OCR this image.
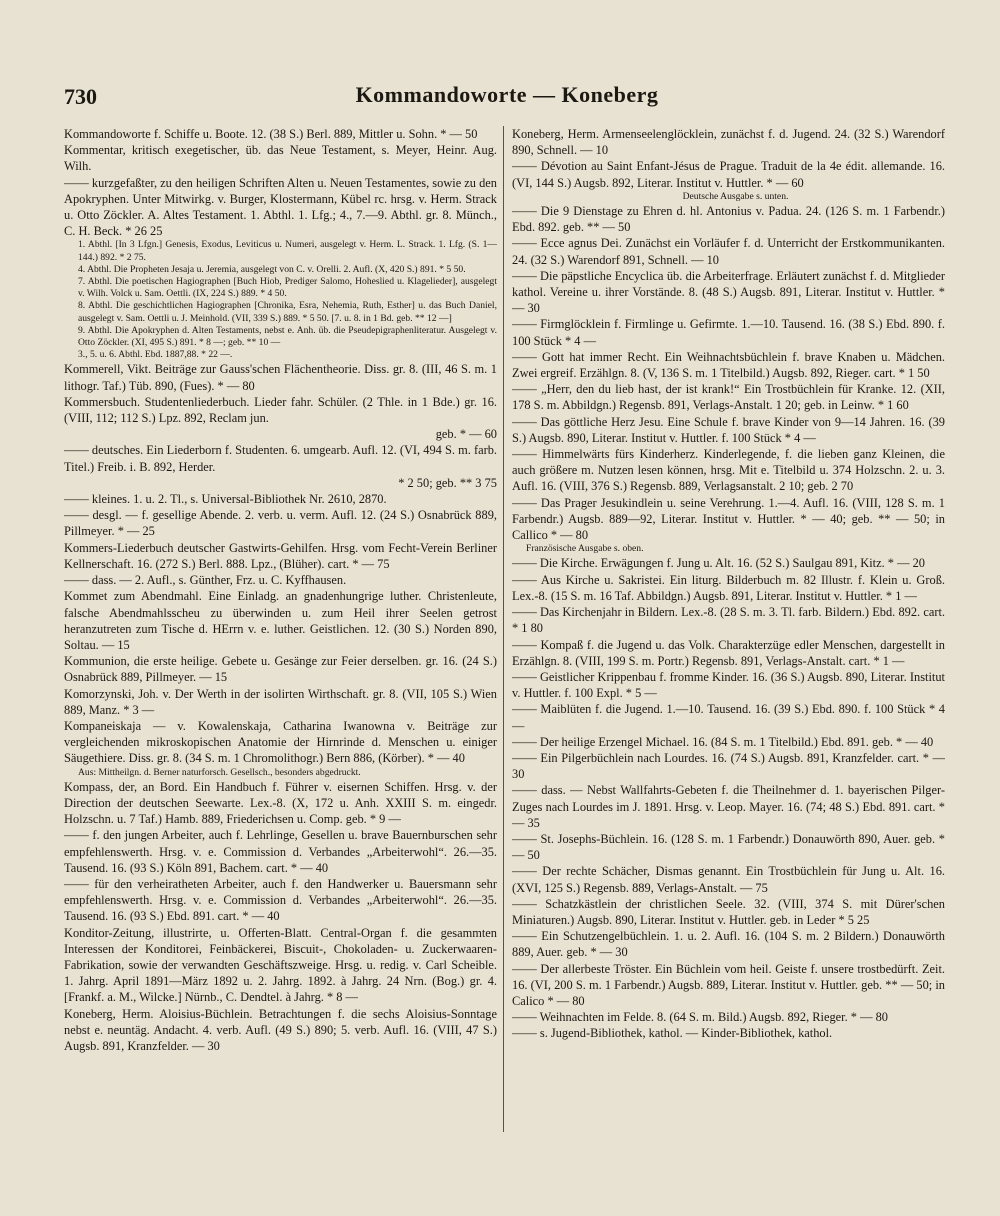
730	Kommandoworte — Koneberg

Kommandoworte f. Schiffe u. Boote. 12. (38 S.) Berl. 889, Mittler u. Sohn. * — 50

Kommentar, kritisch exegetischer, üb. das Neue Testament, s. Meyer, Heinr. Aug. Wilh.

—— kurzgefaßter, zu den heiligen Schriften Alten u. Neuen Testamentes, sowie zu den Apokryphen. Unter Mitwirkg. v. Burger, Klostermann, Kübel rc. hrsg. v. Herm. Strack u. Otto Zöckler. A. Altes Testament. 1. Abthl. 1. Lfg.; 4., 7.—9. Abthl. gr. 8. Münch., C. H. Beck. * 26 25

1. Abthl. [In 3 Lfgn.] Genesis, Exodus, Leviticus u. Numeri, ausgelegt v. Herm. L. Strack. 1. Lfg. (S. 1—144.) 892. * 2 75.

4. Abthl. Die Propheten Jesaja u. Jeremia, ausgelegt von C. v. Orelli. 2. Aufl. (X, 420 S.) 891. * 5 50.

7. Abthl. Die poetischen Hagiographen [Buch Hiob, Prediger Salomo, Hoheslied u. Klagelieder], ausgelegt v. Wilh. Volck u. Sam. Oettli. (IX, 224 S.) 889. * 4 50.

8. Abthl. Die geschichtlichen Hagiographen [Chronika, Esra, Nehemia, Ruth, Esther] u. das Buch Daniel, ausgelegt v. Sam. Oettli u. J. Meinhold. (VII, 339 S.) 889. * 5 50. [7. u. 8. in 1 Bd. geb. ** 12 —]

9. Abthl. Die Apokryphen d. Alten Testaments, nebst e. Anh. üb. die Pseudepigraphenliteratur. Ausgelegt v. Otto Zöckler. (XI, 495 S.) 891. * 8 —; geb. ** 10 —

3., 5. u. 6. Abthl. Ebd. 1887,88. * 22 —.

Kommerell, Vikt. Beiträge zur Gauss'schen Flächentheorie. Diss. gr. 8. (III, 46 S. m. 1 lithogr. Taf.) Tüb. 890, (Fues). * — 80

Kommersbuch. Studentenliederbuch. Lieder fahr. Schüler. (2 Thle. in 1 Bde.) gr. 16. (VIII, 112; 112 S.) Lpz. 892, Reclam jun.

geb. * — 60

—— deutsches. Ein Liederborn f. Studenten. 6. umgearb. Aufl. 12. (VI, 494 S. m. farb. Titel.) Freib. i. B. 892, Herder.

* 2 50; geb. ** 3 75

—— kleines. 1. u. 2. Tl., s. Universal-Bibliothek Nr. 2610, 2870.

—— desgl. — f. gesellige Abende. 2. verb. u. verm. Aufl. 12. (24 S.) Osnabrück 889, Pillmeyer. * — 25

Kommers-Liederbuch deutscher Gastwirts-Gehilfen. Hrsg. vom Fecht-Verein Berliner Kellnerschaft. 16. (272 S.) Berl. 888. Lpz., (Blüher). cart. * — 75

—— dass. — 2. Aufl., s. Günther, Frz. u. C. Kyffhausen.

Kommet zum Abendmahl. Eine Einladg. an gnadenhungrige luther. Christenleute, falsche Abendmahlsscheu zu überwinden u. zum Heil ihrer Seelen getrost heranzutreten zum Tische d. HErrn v. e. luther. Geistlichen. 12. (30 S.) Norden 890, Soltau. — 15

Kommunion, die erste heilige. Gebete u. Gesänge zur Feier derselben. gr. 16. (24 S.) Osnabrück 889, Pillmeyer. — 15

Komorzynski, Joh. v. Der Werth in der isolirten Wirthschaft. gr. 8. (VII, 105 S.) Wien 889, Manz. * 3 —

Kompaneiskaja — v. Kowalenskaja, Catharina Iwanowna v. Beiträge zur vergleichenden mikroskopischen Anatomie der Hirnrinde d. Menschen u. einiger Säugethiere. Diss. gr. 8. (34 S. m. 1 Chromolithogr.) Bern 886, (Körber). * — 40

Aus: Mittheilgn. d. Berner naturforsch. Gesellsch., besonders abgedruckt.

Kompass, der, an Bord. Ein Handbuch f. Führer v. eisernen Schiffen. Hrsg. v. der Direction der deutschen Seewarte. Lex.-8. (X, 172 u. Anh. XXIII S. m. eingedr. Holzschn. u. 7 Taf.) Hamb. 889, Friederichsen u. Comp. geb. * 9 —

—— f. den jungen Arbeiter, auch f. Lehrlinge, Gesellen u. brave Bauernburschen sehr empfehlenswerth. Hrsg. v. e. Commission d. Verbandes „Arbeiterwohl“. 26.—35. Tausend. 16. (93 S.) Köln 891, Bachem. cart. * — 40

—— für den verheiratheten Arbeiter, auch f. den Handwerker u. Bauersmann sehr empfehlenswerth. Hrsg. v. e. Commission d. Verbandes „Arbeiterwohl“. 26.—35. Tausend. 16. (93 S.) Ebd. 891. cart. * — 40

Konditor-Zeitung, illustrirte, u. Offerten-Blatt. Central-Organ f. die gesammten Interessen der Konditorei, Feinbäckerei, Biscuit-, Chokoladen- u. Zuckerwaaren-Fabrikation, sowie der verwandten Geschäftszweige. Hrsg. u. redig. v. Carl Scheible. 1. Jahrg. April 1891—März 1892 u. 2. Jahrg. 1892. à Jahrg. 24 Nrn. (Bog.) gr. 4. [Frankf. a. M., Wilcke.] Nürnb., C. Dendtel. à Jahrg. * 8 —

Koneberg, Herm. Aloisius-Büchlein. Betrachtungen f. die sechs Aloisius-Sonntage nebst e. neuntäg. Andacht. 4. verb. Aufl. (49 S.) 890; 5. verb. Aufl. 16. (VIII, 47 S.) Augsb. 891, Kranzfelder. — 30

Koneberg, Herm. Armenseelenglöcklein, zunächst f. d. Jugend. 24. (32 S.) Warendorf 890, Schnell. — 10

—— Dévotion au Saint Enfant-Jésus de Prague. Traduit de la 4e édit. allemande. 16. (VI, 144 S.) Augsb. 892, Literar. Institut v. Huttler. * — 60

Deutsche Ausgabe s. unten.

—— Die 9 Dienstage zu Ehren d. hl. Antonius v. Padua. 24. (126 S. m. 1 Farbendr.) Ebd. 892. geb. ** — 50

—— Ecce agnus Dei. Zunächst ein Vorläufer f. d. Unterricht der Erstkommunikanten. 24. (32 S.) Warendorf 891, Schnell. — 10

—— Die päpstliche Encyclica üb. die Arbeiterfrage. Erläutert zunächst f. d. Mitglieder kathol. Vereine u. ihrer Vorstände. 8. (48 S.) Augsb. 891, Literar. Institut v. Huttler. * — 30

—— Firmglöcklein f. Firmlinge u. Gefirmte. 1.—10. Tausend. 16. (38 S.) Ebd. 890. f. 100 Stück * 4 —

—— Gott hat immer Recht. Ein Weihnachtsbüchlein f. brave Knaben u. Mädchen. Zwei ergreif. Erzählgn. 8. (V, 136 S. m. 1 Titelbild.) Augsb. 892, Rieger. cart. * 1 50

—— „Herr, den du lieb hast, der ist krank!“ Ein Trostbüchlein für Kranke. 12. (XII, 178 S. m. Abbildgn.) Regensb. 891, Verlags-Anstalt. 1 20; geb. in Leinw. * 1 60

—— Das göttliche Herz Jesu. Eine Schule f. brave Kinder von 9—14 Jahren. 16. (39 S.) Augsb. 890, Literar. Institut v. Huttler. f. 100 Stück * 4 —

—— Himmelwärts fürs Kinderherz. Kinderlegende, f. die lieben ganz Kleinen, die auch größere m. Nutzen lesen können, hrsg. Mit e. Titelbild u. 374 Holzschn. 2. u. 3. Aufl. 16. (VIII, 376 S.) Regensb. 889, Verlagsanstalt. 2 10; geb. 2 70

—— Das Prager Jesukindlein u. seine Verehrung. 1.—4. Aufl. 16. (VIII, 128 S. m. 1 Farbendr.) Augsb. 889—92, Literar. Institut v. Huttler. * — 40; geb. ** — 50; in Callico * — 80

Französische Ausgabe s. oben.

—— Die Kirche. Erwägungen f. Jung u. Alt. 16. (52 S.) Saulgau 891, Kitz. * — 20

—— Aus Kirche u. Sakristei. Ein liturg. Bilderbuch m. 82 Illustr. f. Klein u. Groß. Lex.-8. (15 S. m. 16 Taf. Abbildgn.) Augsb. 891, Literar. Institut v. Huttler. * 1 —

—— Das Kirchenjahr in Bildern. Lex.-8. (28 S. m. 3. Tl. farb. Bildern.) Ebd. 892. cart. * 1 80

—— Kompaß f. die Jugend u. das Volk. Charakterzüge edler Menschen, dargestellt in Erzählgn. 8. (VIII, 199 S. m. Portr.) Regensb. 891, Verlags-Anstalt. cart. * 1 —

—— Geistlicher Krippenbau f. fromme Kinder. 16. (36 S.) Augsb. 890, Literar. Institut v. Huttler. f. 100 Expl. * 5 —

—— Maiblüten f. die Jugend. 1.—10. Tausend. 16. (39 S.) Ebd. 890. f. 100 Stück * 4 —

—— Der heilige Erzengel Michael. 16. (84 S. m. 1 Titelbild.) Ebd. 891. geb. * — 40

—— Ein Pilgerbüchlein nach Lourdes. 16. (74 S.) Augsb. 891, Kranzfelder. cart. * — 30

—— dass. — Nebst Wallfahrts-Gebeten f. die Theilnehmer d. 1. bayerischen Pilger-Zuges nach Lourdes im J. 1891. Hrsg. v. Leop. Mayer. 16. (74; 48 S.) Ebd. 891. cart. * — 35

—— St. Josephs-Büchlein. 16. (128 S. m. 1 Farbendr.) Donauwörth 890, Auer. geb. * — 50

—— Der rechte Schächer, Dismas genannt. Ein Trostbüchlein für Jung u. Alt. 16. (XVI, 125 S.) Regensb. 889, Verlags-Anstalt. — 75

—— Schatzkästlein der christlichen Seele. 32. (VIII, 374 S. mit Dürer'schen Miniaturen.) Augsb. 890, Literar. Institut v. Huttler. geb. in Leder * 5 25

—— Ein Schutzengelbüchlein. 1. u. 2. Aufl. 16. (104 S. m. 2 Bildern.) Donauwörth 889, Auer. geb. * — 30

—— Der allerbeste Tröster. Ein Büchlein vom heil. Geiste f. unsere trostbedürft. Zeit. 16. (VI, 200 S. m. 1 Farbendr.) Augsb. 889, Literar. Institut v. Huttler. geb. ** — 50; in Calico * — 80

—— Weihnachten im Felde. 8. (64 S. m. Bild.) Augsb. 892, Rieger. * — 80

—— s. Jugend-Bibliothek, kathol. — Kinder-Bibliothek, kathol.
